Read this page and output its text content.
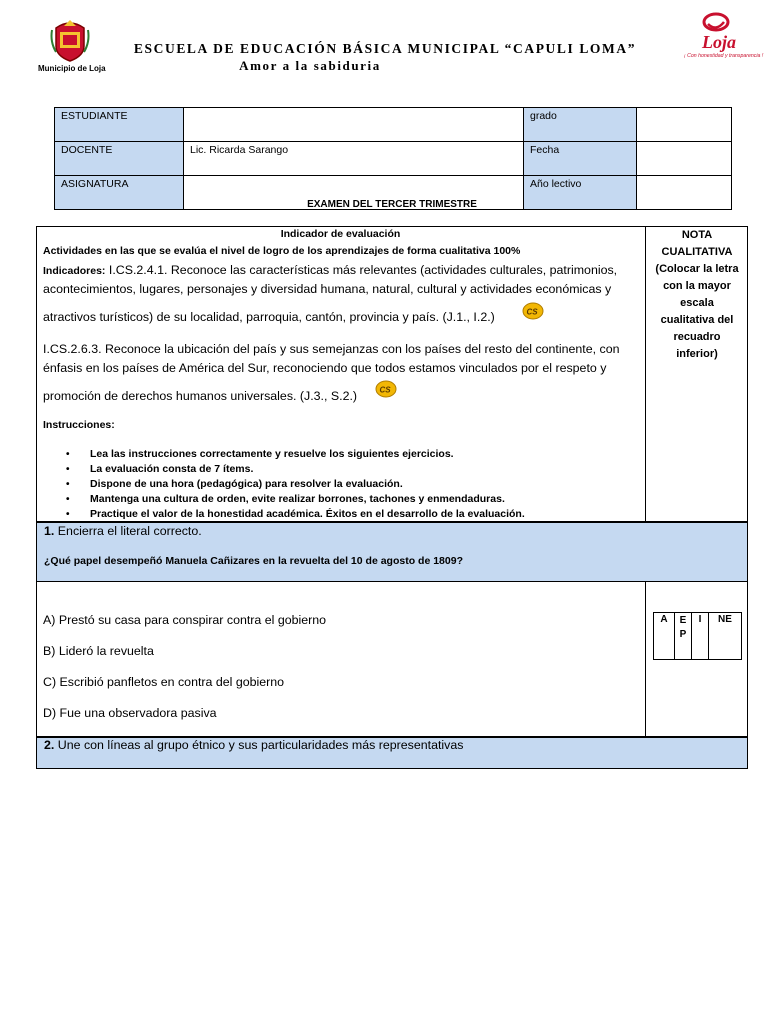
Municipio de Loja
ESCUELA DE EDUCACIÓN BÁSICA MUNICIPAL “CAPULI LOMA”
Amor a la sabiduria
Loja
¡ Con honestidad y transparencia !
ESTUDIANTE		grado	
DOCENTE	Lic. Ricarda Sarango	Fecha	
ASIGNATURA		Año lectivo	
EXAMEN DEL TERCER TRIMESTRE
NOTA
CUALITATIVA
(Colocar la letra
con la mayor
escala
cualitativa del
recuadro
inferior)
Indicador de evaluación
Actividades en las que se evalúa el nivel de logro de los aprendizajes de forma cualitativa 100%
Indicadores: I.CS.2.4.1. Reconoce las características más relevantes (actividades culturales, patrimonios,
acontecimientos, lugares, personajes y diversidad humana, natural, cultural y actividades económicas y
atractivos turísticos) de su localidad, parroquia, cantón, provincia y país. (J.1., I.2.)	CS
I.CS.2.6.3. Reconoce la ubicación del país y sus semejanzas con los países del resto del continente, con
énfasis en los países de América del Sur, reconociendo que todos estamos vinculados por el respeto y
promoción de derechos humanos universales. (J.3., S.2.)	CS
Instrucciones:
• Lea las instrucciones correctamente y resuelve los siguientes ejercicios.
• La evaluación consta de 7 ítems.
• Dispone de una hora (pedagógica) para resolver la evaluación.
• Mantenga una cultura de orden, evite realizar borrones, tachones y enmendaduras.
• Practique el valor de la honestidad académica. Éxitos en el desarrollo de la evaluación.
1. Encierra el literal correcto.
¿Qué papel desempeñó Manuela Cañizares en la revuelta del 10 de agosto de 1809?
A) Prestó su casa para conspirar contra el gobierno
B) Lideró la revuelta
C) Escribió panfletos en contra del gobierno
D) Fue una observadora pasiva
A	E P	I	NE
2. Une con líneas al grupo étnico y sus particularidades más representativas
